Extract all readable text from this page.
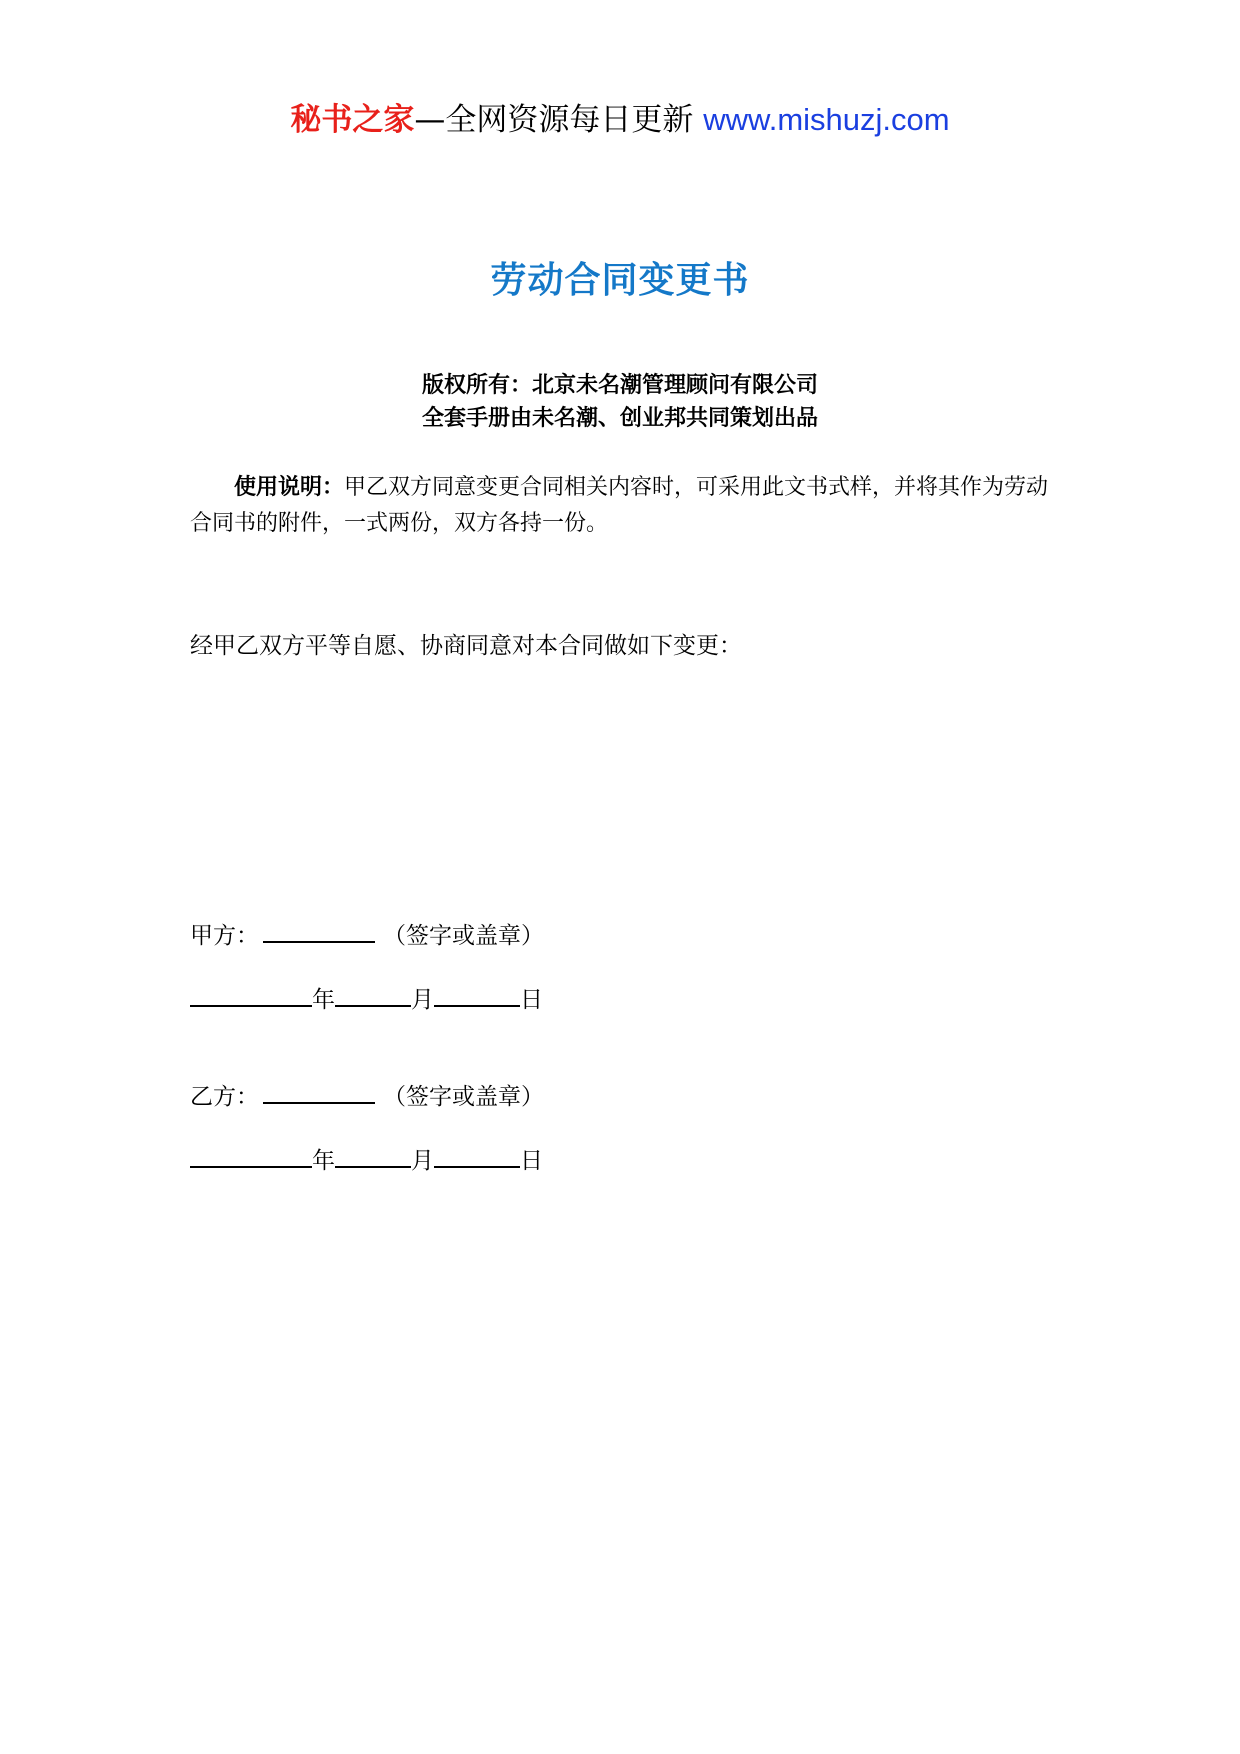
秘书之家—全网资源每日更新 www.mishuzj.com
劳动合同变更书
版权所有：北京未名潮管理顾问有限公司
全套手册由未名潮、创业邦共同策划出品
使用说明：甲乙双方同意变更合同相关内容时，可采用此文书式样，并将其作为劳动合同书的附件，一式两份，双方各持一份。
经甲乙双方平等自愿、协商同意对本合同做如下变更：
甲方：	（签字或盖章）
年	月	日
乙方：	（签字或盖章）
年	月	日
